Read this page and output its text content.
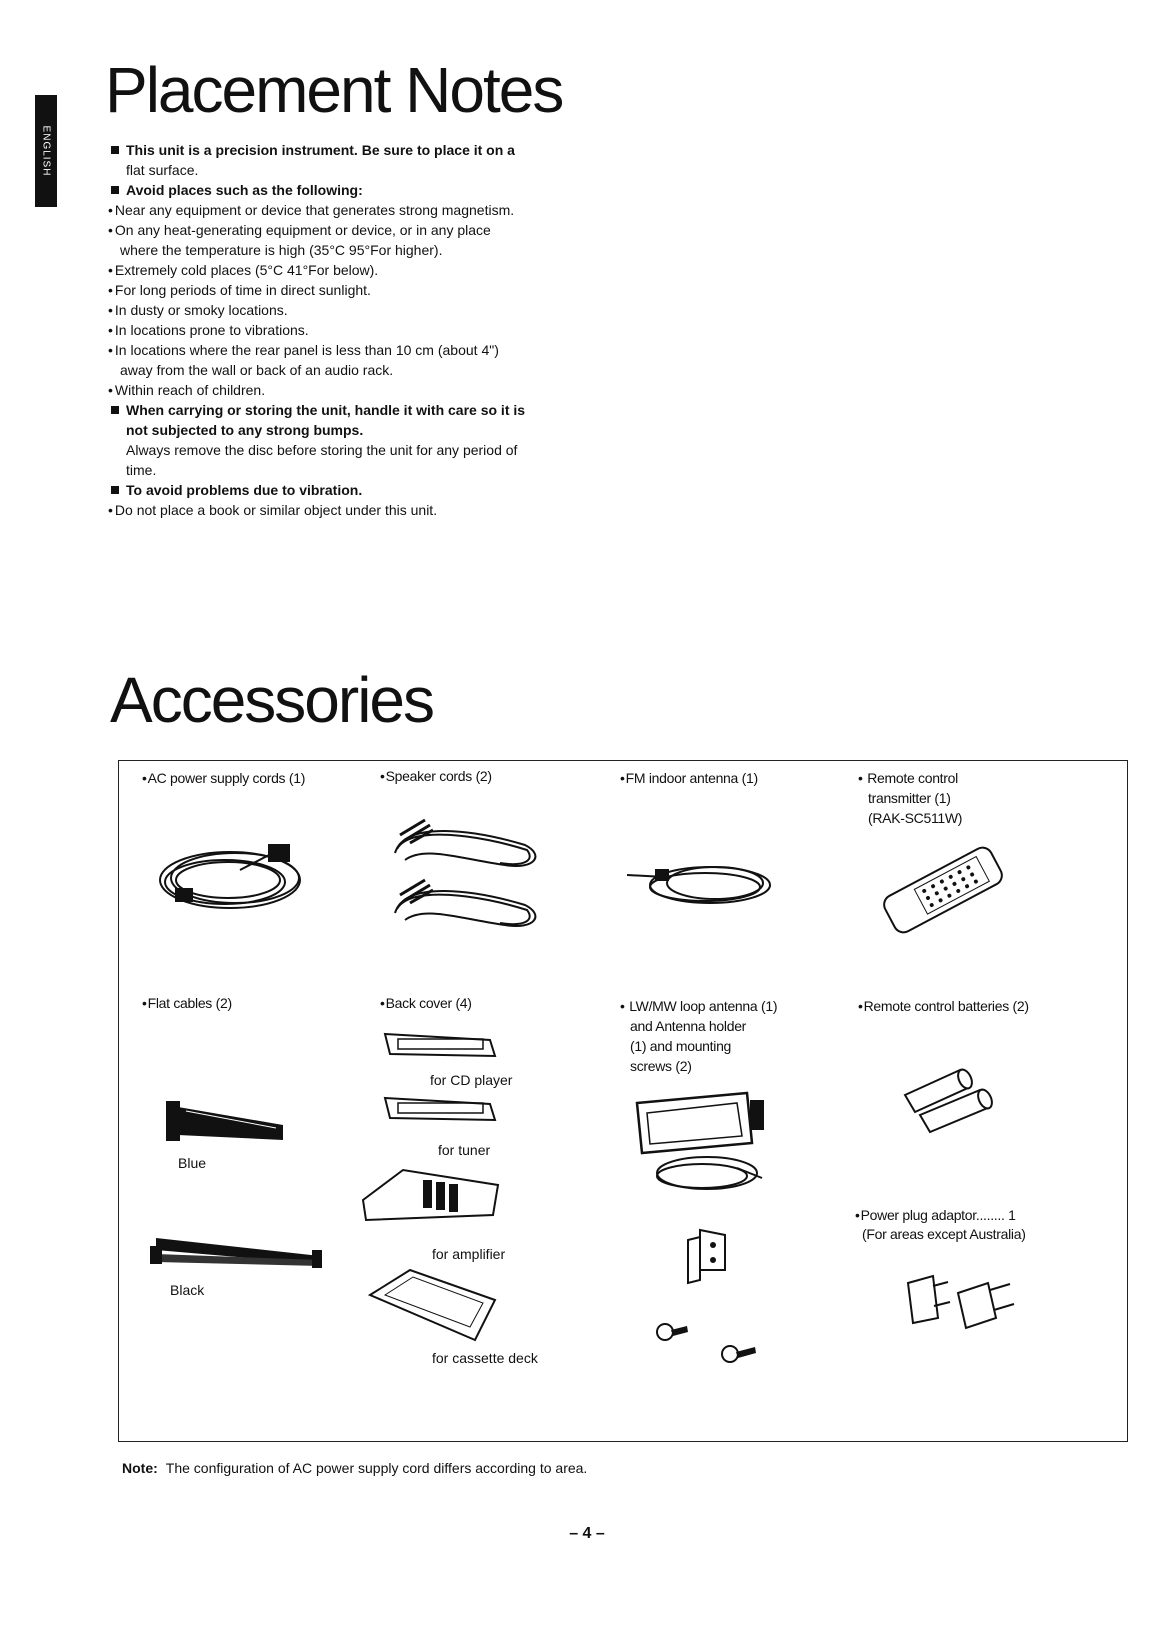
ENGLISH
Placement Notes
This unit is a precision instrument. Be sure to place it on a
flat surface.
Avoid places such as the following:
• Near any equipment or device that generates strong magnetism.
• On any heat-generating equipment or device, or in any place
where the temperature is high (35°C 95°For higher).
• Extremely cold places (5°C 41°For below).
• For long periods of time in direct sunlight.
• In dusty or smoky locations.
• In locations prone to vibrations.
• In locations where the rear panel is less than 10 cm (about 4")
away from the wall or back of an audio rack.
• Within reach of children.
When carrying or storing the unit, handle it with care so it is
not subjected to any strong bumps.
Always remove the disc before storing the unit for any period of
time.
To avoid problems due to vibration.
• Do not place a book or similar object under this unit.
Accessories
• AC power supply cords (1)	• Speaker cords (2)	• FM indoor antenna (1)	• Remote control
transmitter (1)
(RAK-SC511W)
• Flat cables (2)	• Back cover (4)	• LW/MW loop antenna (1)
and Antenna holder
(1) and mounting
screws (2)
• Remote control batteries (2)
Blue
Black
for CD player
for tuner
for amplifier
for cassette deck
• Power plug adaptor........ 1
(For areas except Australia)
Note: The configuration of AC power supply cord differs according to area.
– 4 –
